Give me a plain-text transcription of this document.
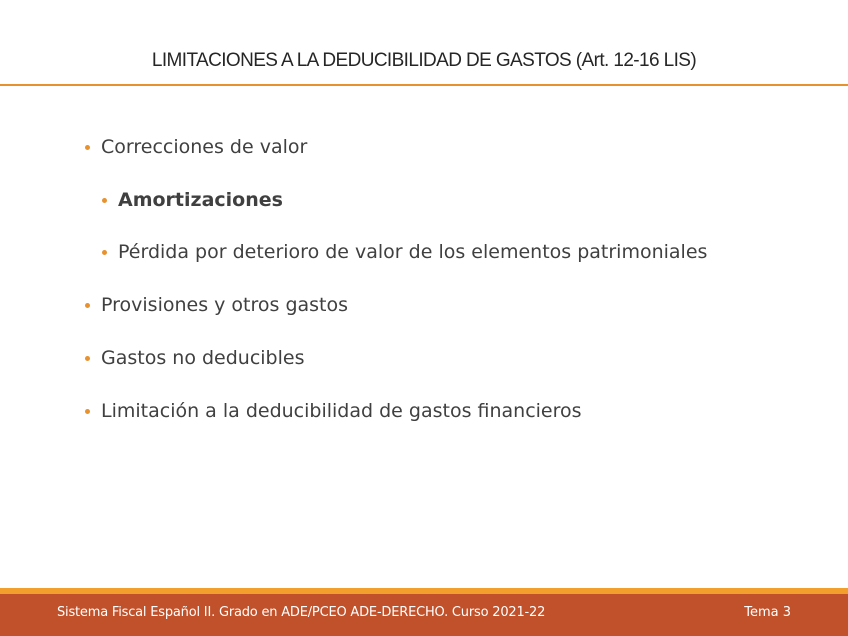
LIMITACIONES A LA DEDUCIBILIDAD DE GASTOS (Art. 12-16 LIS)
Correcciones de valor
Amortizaciones
Pérdida por deterioro de valor de los elementos patrimoniales
Provisiones y otros gastos
Gastos no deducibles
Limitación a la deducibilidad de gastos financieros
Sistema Fiscal Español II. Grado en ADE/PCEO ADE-DERECHO. Curso 2021-22	Tema 3
